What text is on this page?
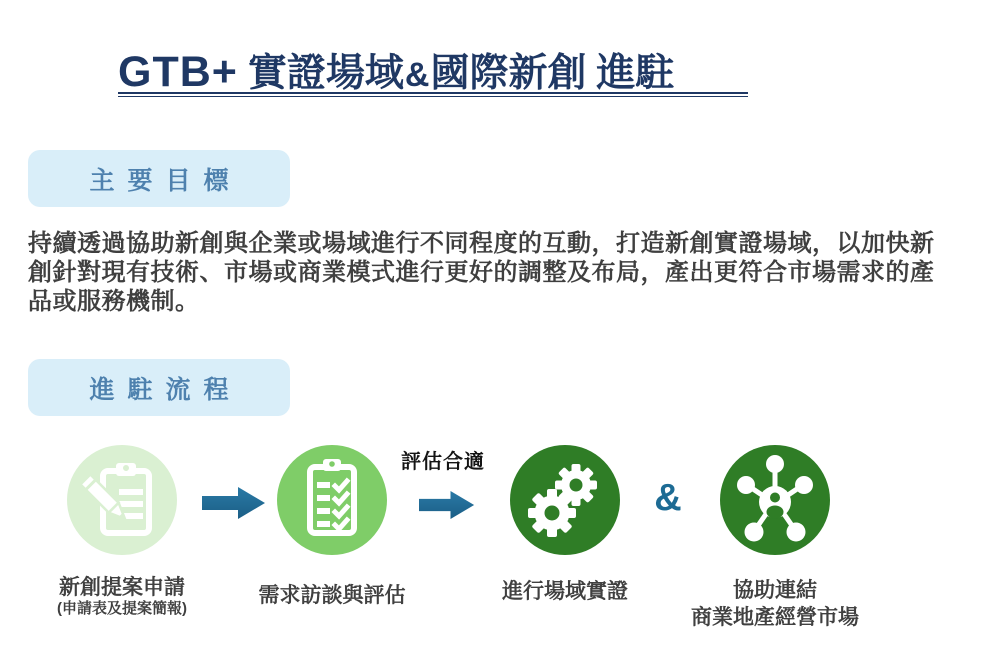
GTB+ 實證場域 & 國際新創 進駐
主要目標
持續透過協助新創與企業或場域進行不同程度的互動，打造新創實證場域，以加快新
創針對現有技術、市場或商業模式進行更好的調整及布局，產出更符合市場需求的產
品或服務機制。
進駐流程
評估合適
&
新創提案申請
(申請表及提案簡報)
需求訪談與評估	進行場域實證	協助連結
商業地產經營市場
